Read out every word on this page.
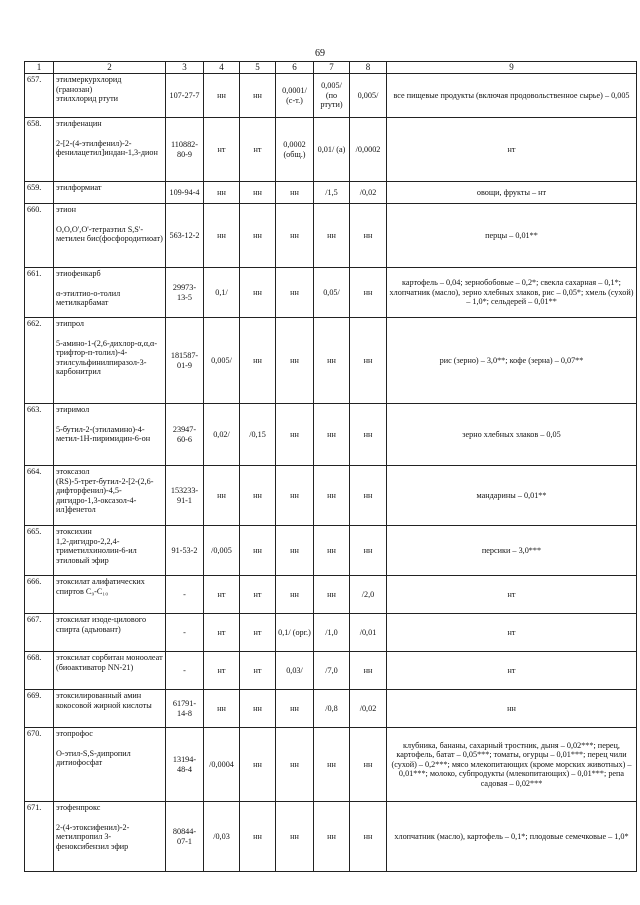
69
1	2	3	4	5	6	7	8	9
657.	этилмеркурхлорид
(гранозан)
этилхлорид ртути	107-27-7	нн	нн	0,0001/ (с-т.)	0,005/ (по ртути)	0,005/	все пищевые продукты (включая продовольственное сырье) – 0,005
658.	этилфенацин
2-[2-(4-этилфенил)-2-фенилацетил]индан-1,3-дион	110882-80-9	нт	нт	0,0002 (общ.)	0,01/ (а)	/0,0002	нт
659.	этилформиат	109-94-4	нн	нн	нн	/1,5	/0,02	овощи, фрукты – нт
660.	этион
О,О,О',О'-тетраэтил S,S'-метилен бис(фосфородитиоат)	563-12-2	нн	нн	нн	нн	нн	перцы – 0,01**
661.	этиофенкарб
α-этилтио-о-толил метилкарбамат	29973-13-5	0,1/	нн	нн	0,05/	нн	картофель – 0,04; зернобобовые – 0,2*; свекла сахарная – 0,1*; хлопчатник (масло), зерно хлебных злаков, рис – 0,05*; хмель (сухой) – 1,0*; сельдерей – 0,01**
662.	этипрол
5-амино-1-(2,6-дихлор-α,α,α-трифтор-п-толил)-4-этилсульфинилпиразол-3-карбонитрил	181587-01-9	0,005/	нн	нн	нн	нн	рис (зерно) – 3,0**; кофе (зерна) – 0,07**
663.	этиримол
5-бутил-2-(этиламино)-4-метил-1Н-пиримидин-6-он	23947-60-6	0,02/	/0,15	нн	нн	нн	зерно хлебных злаков – 0,05
664.	этоксазол
(RS)-5-трет-бутил-2-[2-(2,6-дифторфенил)-4,5-дигидро-1,3-оксазол-4-ил]фенетол	153233-91-1	нн	нн	нн	нн	нн	мандарины – 0,01**
665.	этоксихин
1,2-дигидро-2,2,4-триметилхинолин-6-ил этиловый эфир	91-53-2	/0,005	нн	нн	нн	нн	персики – 3,0***
666.	этоксилат алифатических спиртов С₉-С₁₀	-	нт	нт	нн	нн	/2,0	нт
667.	этоксилат изоде-цилового спирта (адъювант)	-	нт	нт	0,1/ (орг.)	/1,0	/0,01	нт
668.	этоксилат сорбитан моноолеат (биоактиватор NN-21)	-	нт	нт	0,03/	/7,0	нн	нт
669.	этоксилированный амин кокосовой жирной кислоты	61791-14-8	нн	нн	нн	/0,8	/0,02	нн
670.	этопрофос
О-этил-S,S-дипропил дитиофосфат	13194-48-4	/0,0004	нн	нн	нн	нн	клубника, бананы, сахарный тростник, дыня – 0,02***; перец, картофель, батат – 0,05***; томаты, огурцы – 0,01***; перец чили (сухой) – 0,2***; мясо млекопитающих (кроме морских животных) – 0,01***; молоко, субпродукты (млекопитающих) – 0,01***; репа садовая – 0,02***
671.	этофенпрокс
2-(4-этоксифенил)-2-метилпропил 3-феноксибензил эфир	80844-07-1	/0,03	нн	нн	нн	нн	хлопчатник (масло), картофель – 0,1*; плодовые семечковые – 1,0*
